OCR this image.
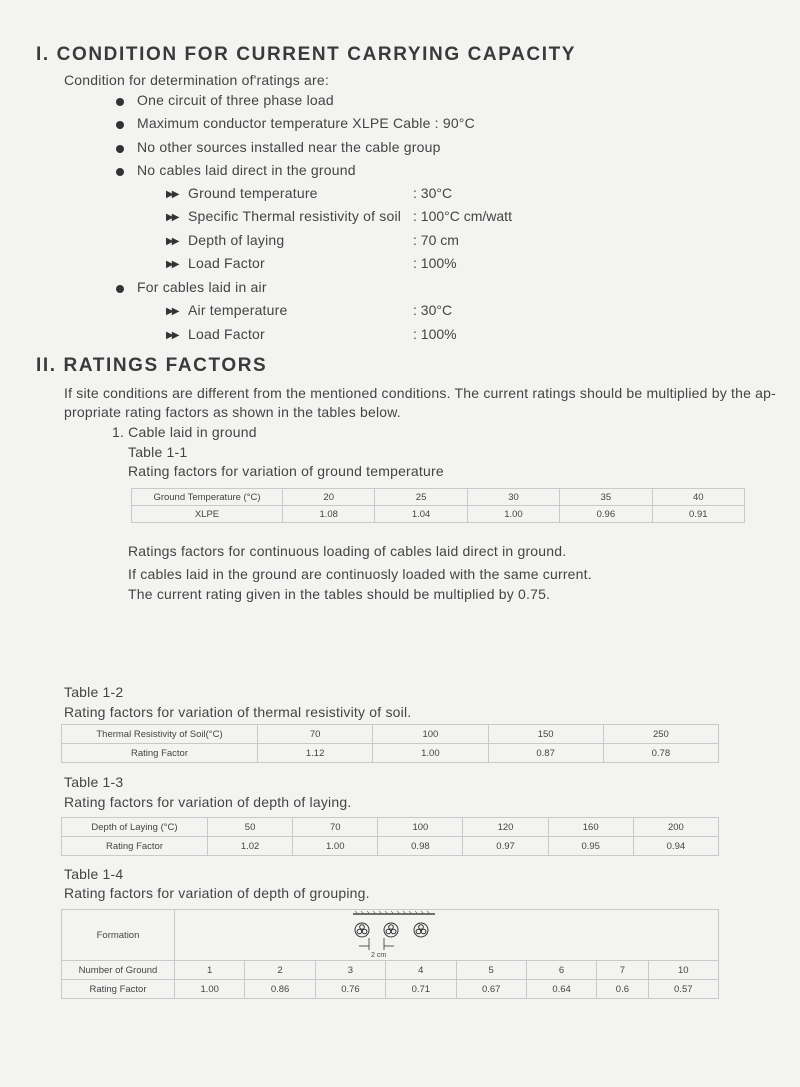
I. CONDITION FOR CURRENT CARRYING CAPACITY
Condition for determination of'ratings are:
One circuit of three phase load
Maximum conductor temperature XLPE Cable : 90°C
No other sources installed near the cable group
No cables laid direct in the ground
▶▶ Ground temperature	: 30°C
▶▶ Specific Thermal resistivity of soil : 100°C cm/watt
▶▶ Depth of laying	: 70 cm
▶▶ Load Factor	: 100%
For cables laid in air
▶▶ Air temperature	: 30°C
▶▶ Load Factor	: 100%
II. RATINGS FACTORS
If site conditions are different from the mentioned conditions. The current ratings should be multiplied by the ap-
propriate rating factors as shown in the tables below.
1. Cable laid in ground
Table 1-1
Rating factors for variation of ground temperature
Ground Temperature (°C)	20	25	30	35	40
XLPE	1.08	1.04	1.00	0.96	0.91
Ratings factors for continuous loading of cables laid direct in ground.
If cables laid in the ground are continuosly loaded with the same current.
The current rating given in the tables should be multiplied by 0.75.
Table 1-2
Rating factors for variation of thermal resistivity of soil.
Thermal Resistivity of Soil(°C)	70	100	150	250
Rating Factor	1.12	1.00	0.87	0.78
Table 1-3
Rating factors for variation of depth of laying.
Depth of Laying (°C)	50	70	100	120	160	200
Rating Factor	1.02	1.00	0.98	0.97	0.95	0.94
Table 1-4
Rating factors for variation of depth of grouping.
Formation								
Number of Ground	1	2	3	4	5	6	7	10
Rating Factor	1.00	0.86	0.76	0.71	0.67	0.64	0.6	0.57
2 cm
